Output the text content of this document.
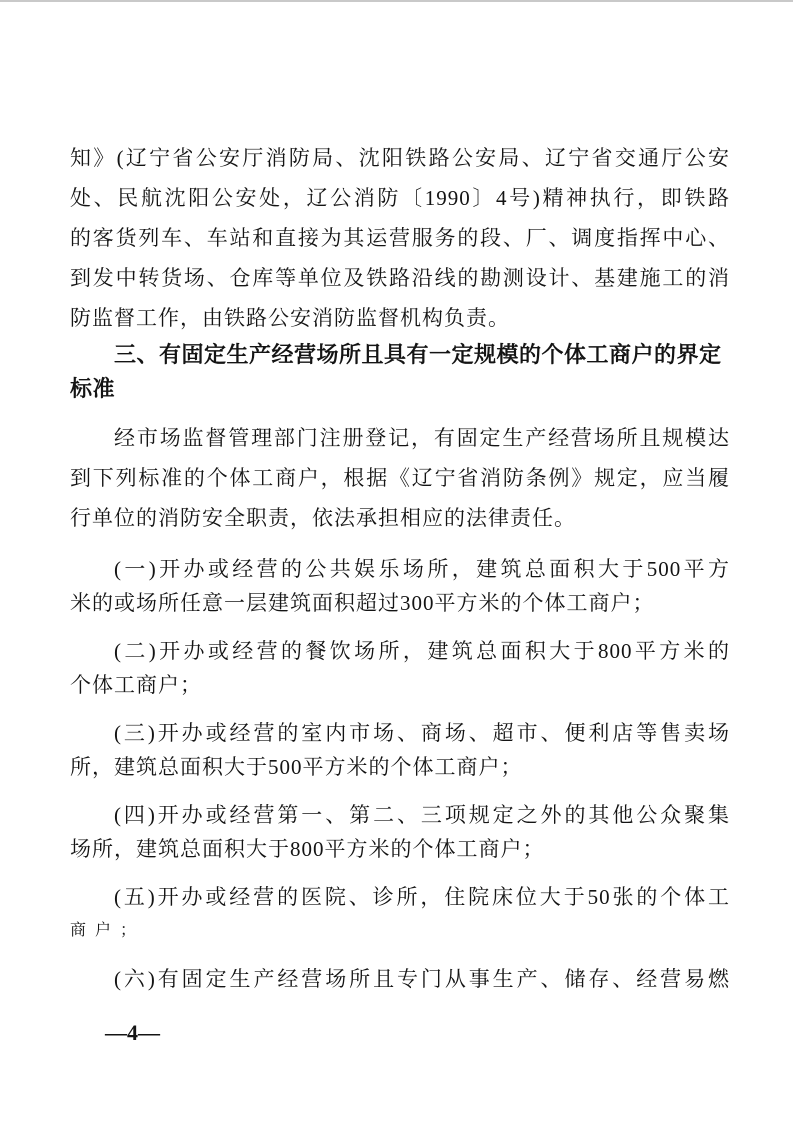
知》(辽宁省公安厅消防局、沈阳铁路公安局、辽宁省交通厅公安
处、民航沈阳公安处，辽公消防〔1990〕4号)精神执行，即铁路
的客货列车、车站和直接为其运营服务的段、厂、调度指挥中心、
到发中转货场、仓库等单位及铁路沿线的勘测设计、基建施工的消
防监督工作，由铁路公安消防监督机构负责。
三、有固定生产经营场所且具有一定规模的个体工商户的界定
标准
经市场监督管理部门注册登记，有固定生产经营场所且规模达
到下列标准的个体工商户，根据《辽宁省消防条例》规定，应当履
行单位的消防安全职责，依法承担相应的法律责任。
(一)开办或经营的公共娱乐场所，建筑总面积大于500平方
米的或场所任意一层建筑面积超过300平方米的个体工商户；
(二)开办或经营的餐饮场所，建筑总面积大于800平方米的
个体工商户；
(三)开办或经营的室内市场、商场、超市、便利店等售卖场
所，建筑总面积大于500平方米的个体工商户；
(四)开办或经营第一、第二、三项规定之外的其他公众聚集
场所，建筑总面积大于800平方米的个体工商户；
(五)开办或经营的医院、诊所，住院床位大于50张的个体工
商户；
(六)有固定生产经营场所且专门从事生产、储存、经营易燃
—4—
